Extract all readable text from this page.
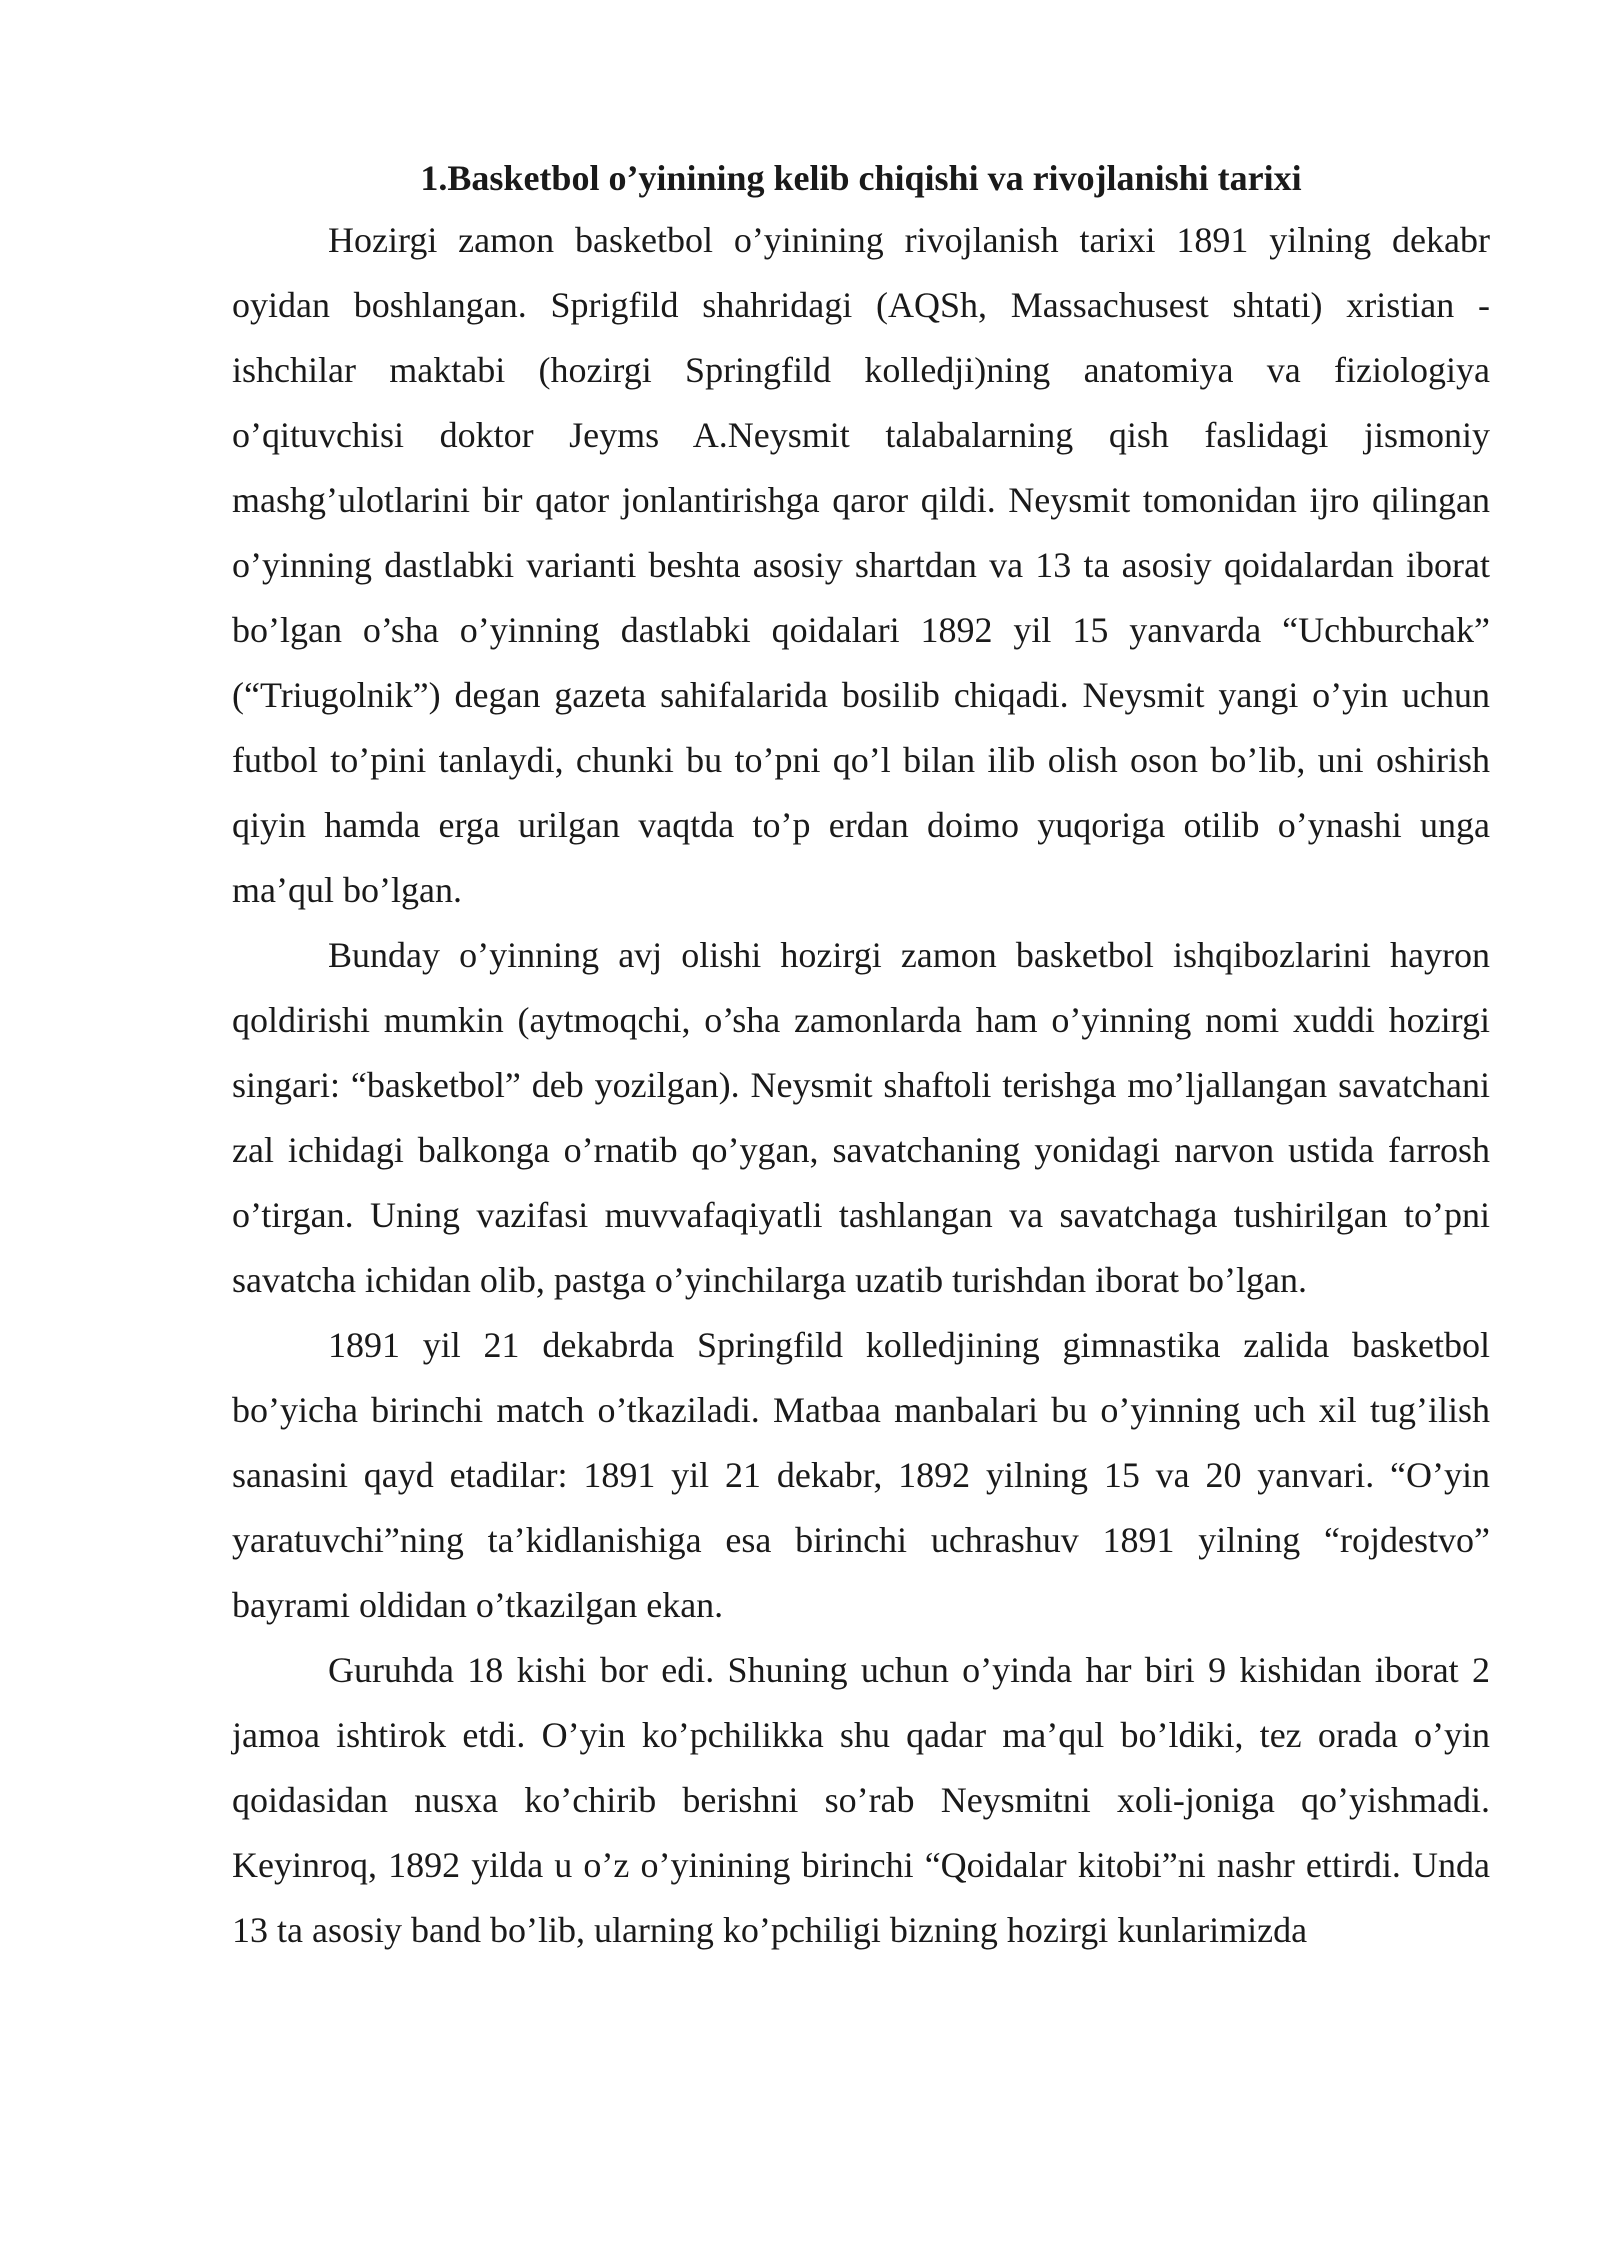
1.Basketbol o’yinining kelib chiqishi va rivojlanishi tarixi

Hozirgi zamon basketbol o’yinining rivojlanish tarixi 1891 yilning dekabr oyidan boshlangan. Sprigfild shahridagi (AQSh, Massachusest shtati) xristian - ishchilar maktabi (hozirgi Springfild kolledji)ning anatomiya va fiziologiya o’qituvchisi doktor Jeyms A.Neysmit talabalarning qish faslidagi jismoniy mashg’ulotlarini bir qator jonlantirishga qaror qildi. Neysmit tomonidan ijro qilingan o’yinning dastlabki varianti beshta asosiy shartdan va 13 ta asosiy qoidalardan iborat bo’lgan o’sha o’yinning dastlabki qoidalari 1892 yil 15 yanvarda “Uchburchak” (“Triugolnik”) degan gazeta sahifalarida bosilib chiqadi. Neysmit yangi o’yin uchun futbol to’pini tanlaydi, chunki bu to’pni qo’l bilan ilib olish oson bo’lib, uni oshirish qiyin hamda erga urilgan vaqtda to’p erdan doimo yuqoriga otilib o’ynashi unga ma’qul bo’lgan.

Bunday o’yinning avj olishi hozirgi zamon basketbol ishqibozlarini hayron qoldirishi mumkin (aytmoqchi, o’sha zamonlarda ham o’yinning nomi xuddi hozirgi singari: “basketbol” deb yozilgan). Neysmit shaftoli terishga mo’ljallangan savatchani zal ichidagi balkonga o’rnatib qo’ygan, savatchaning yonidagi narvon ustida farrosh o’tirgan. Uning vazifasi muvvafaqiyatli tashlangan va savatchaga tushirilgan to’pni savatcha ichidan olib, pastga o’yinchilarga uzatib turishdan iborat bo’lgan.

1891 yil 21 dekabrda Springfild kolledjining gimnastika zalida basketbol bo’yicha birinchi match o’tkaziladi. Matbaa manbalari bu o’yinning uch xil tug’ilish sanasini qayd etadilar: 1891 yil 21 dekabr, 1892 yilning 15 va 20 yanvari. “O’yin yaratuvchi”ning ta’kidlanishiga esa birinchi uchrashuv 1891 yilning “rojdestvo” bayrami oldidan o’tkazilgan ekan.

Guruhda 18 kishi bor edi. Shuning uchun o’yinda har biri 9 kishidan iborat 2 jamoa ishtirok etdi. O’yin ko’pchilikka shu qadar ma’qul bo’ldiki, tez orada o’yin qoidasidan nusxa ko’chirib berishni so’rab Neysmitni xoli-joniga qo’yishmadi. Keyinroq, 1892 yilda u o’z o’yinining birinchi “Qoidalar kitobi”ni nashr ettirdi. Unda 13 ta asosiy band bo’lib, ularning ko’pchiligi bizning hozirgi kunlarimizda
